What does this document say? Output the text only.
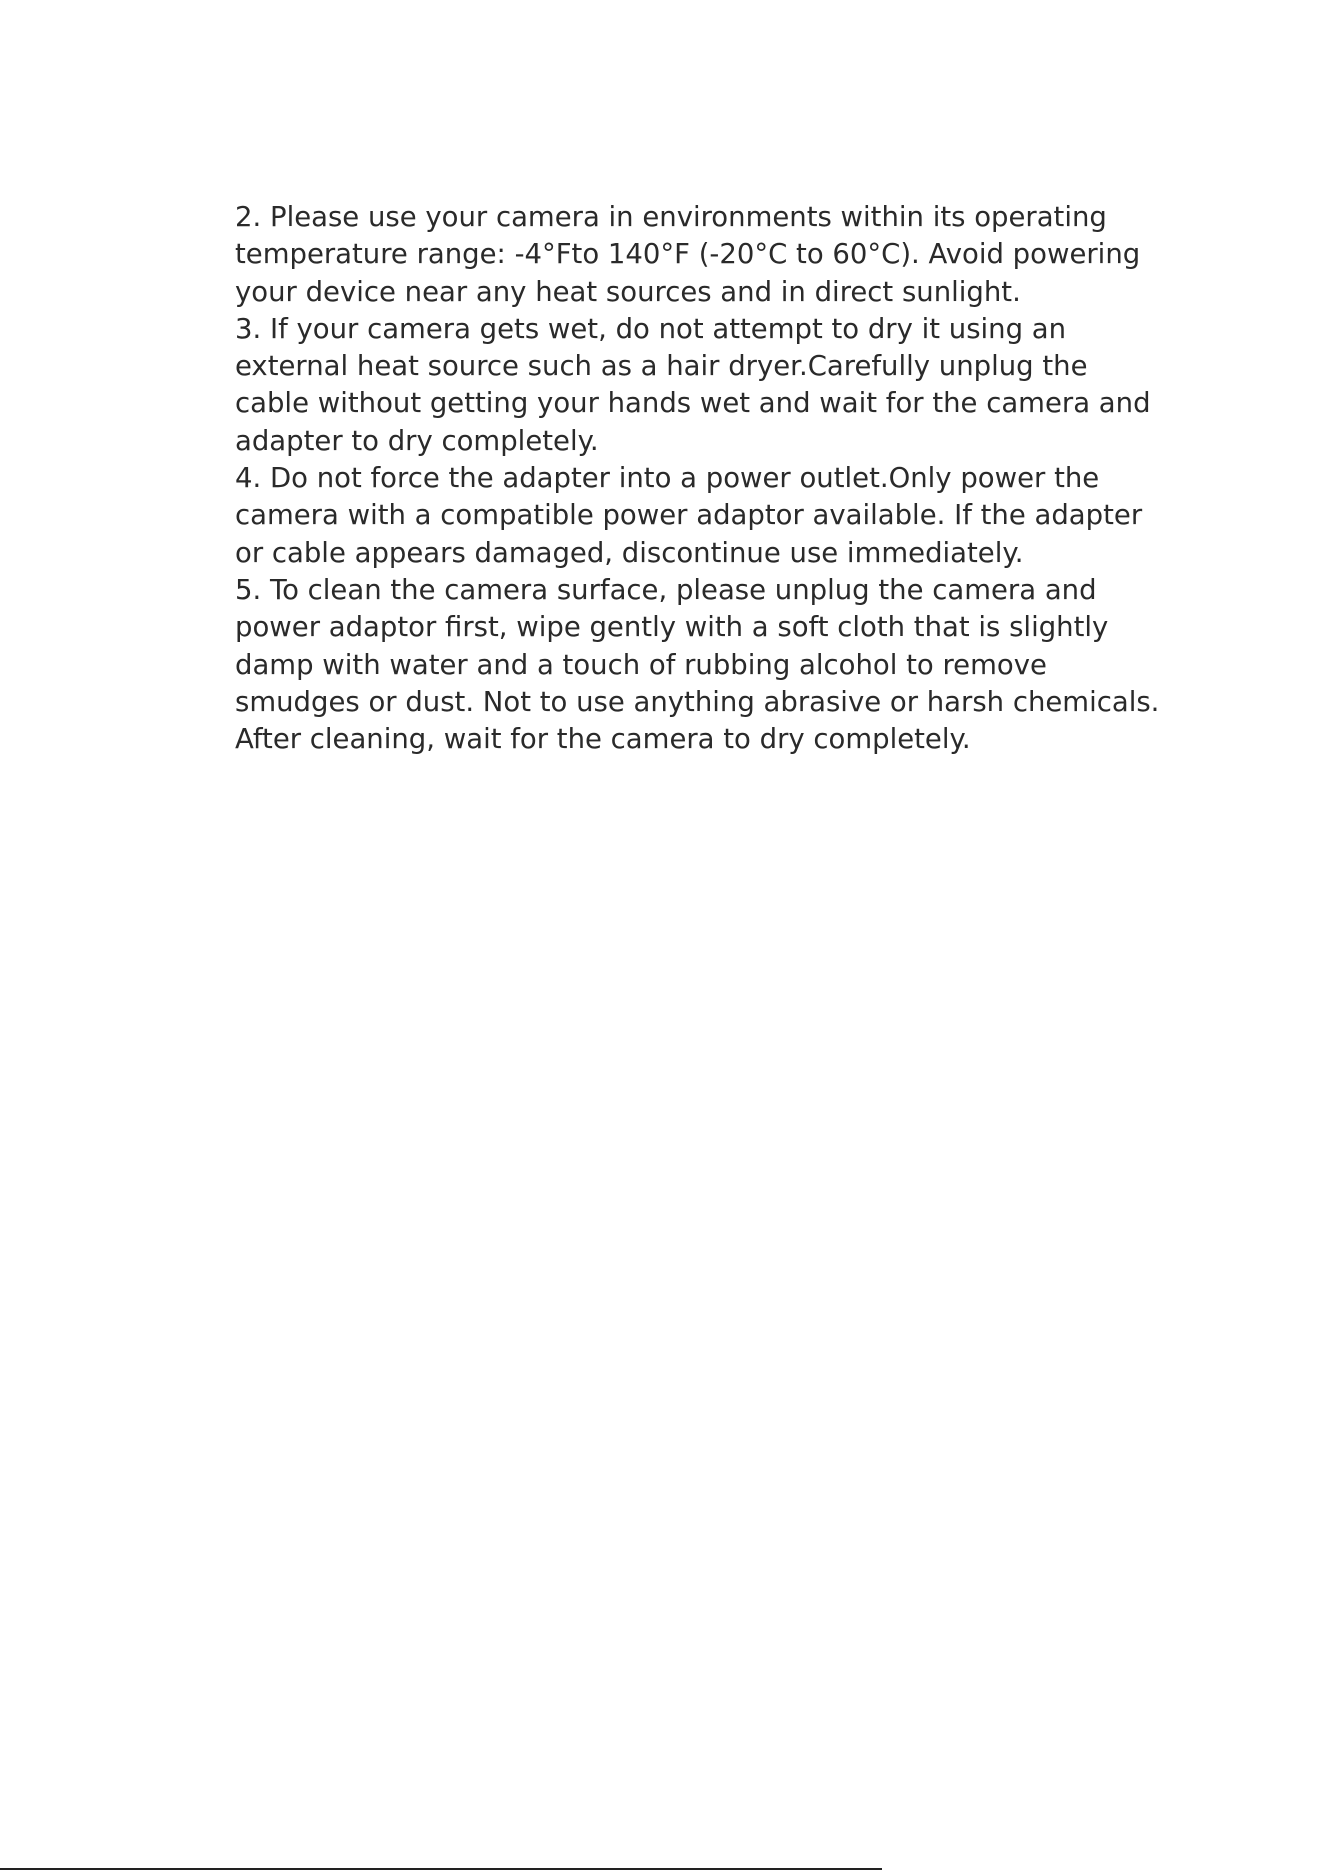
2. Please use your camera in environments within its operating
temperature range: -4°Fto 140°F (-20°C to 60°C). Avoid powering
your device near any heat sources and in direct sunlight.
3. If your camera gets wet, do not attempt to dry it using an
external heat source such as a hair dryer.Carefully unplug the
cable without getting your hands wet and wait for the camera and
adapter to dry completely.
4. Do not force the adapter into a power outlet.Only power the
camera with a compatible power adaptor available. If the adapter
or cable appears damaged, discontinue use immediately.
5. To clean the camera surface, please unplug the camera and
power adaptor first, wipe gently with a soft cloth that is slightly
damp with water and a touch of rubbing alcohol to remove
smudges or dust. Not to use anything abrasive or harsh chemicals.
After cleaning, wait for the camera to dry completely.
